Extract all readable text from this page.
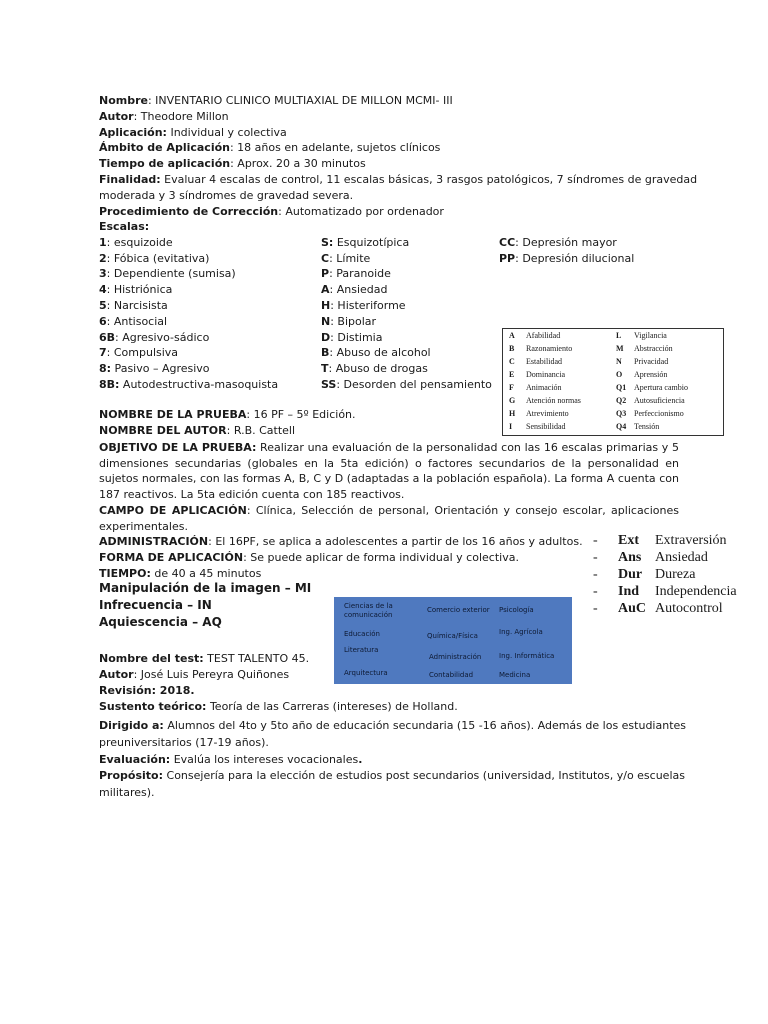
Nombre: INVENTARIO CLINICO MULTIAXIAL DE MILLON MCMI- III
Autor: Theodore Millon
Aplicación: Individual y colectiva
Ámbito de Aplicación: 18 años en adelante, sujetos clínicos
Tiempo de aplicación: Aprox. 20 a 30 minutos
Finalidad: Evaluar 4 escalas de control, 11 escalas básicas, 3 rasgos patológicos, 7 síndromes de gravedad
moderada y 3 síndromes de gravedad severa.
Procedimiento de Corrección: Automatizado por ordenador
Escalas:
1: esquizoide
2: Fóbica (evitativa)
3: Dependiente (sumisa)
4: Histriónica
5: Narcisista
6: Antisocial
6B: Agresivo-sádico
7: Compulsiva
8: Pasivo – Agresivo
8B: Autodestructiva-masoquista
S: Esquizotípica
C: Límite
P: Paranoide
A: Ansiedad
H: Histeriforme
N: Bipolar
D: Distimia
B: Abuso de alcohol
T: Abuso de drogas
SS: Desorden del pensamiento
CC: Depresión mayor
PP: Depresión dilucional
A Afabilidad	L Vigilancia
B Razonamiento	M Abstracción
C Estabilidad	N Privacidad
E Dominancia	O Aprensión
F Animación	Q1 Apertura cambio
G Atención normas	Q2 Autosuficiencia
H Atrevimiento	Q3 Perfeccionismo
I Sensibilidad	Q4 Tensión
NOMBRE DE LA PRUEBA: 16 PF – 5º Edición.
NOMBRE DEL AUTOR: R.B. Cattell
OBJETIVO DE LA PRUEBA: Realizar una evaluación de la personalidad con las 16 escalas primarias y 5 dimensiones secundarias (globales en la 5ta edición) o factores secundarios de la personalidad en sujetos normales, con las formas A, B, C y D (adaptadas a la población española). La forma A cuenta con 187 reactivos. La 5ta edición cuenta con 185 reactivos.
CAMPO DE APLICACIÓN: Clínica, Selección de personal, Orientación y consejo escolar, aplicaciones experimentales.
ADMINISTRACIÓN: El 16PF, se aplica a adolescentes a partir de los 16 años y adultos.
FORMA DE APLICACIÓN: Se puede aplicar de forma individual y colectiva.
TIEMPO: de 40 a 45 minutos
Manipulación de la imagen – MI
Infrecuencia – IN
Aquiescencia – AQ
- Ext Extraversión
- Ans Ansiedad
- Dur Dureza
- Ind Independencia
- AuC Autocontrol
Ciencias de la comunicación
Comercio exterior Psicología
Educación	Química/Física	Ing. Agrícola
Literatura
Administración	Ing. Informática
Arquitectura	Contabilidad	Medicina
Nombre del test: TEST TALENTO 45.
Autor: José Luis Pereyra Quiñones
Revisión: 2018.
Sustento teórico: Teoría de las Carreras (intereses) de Holland.
Dirigido a: Alumnos del 4to y 5to año de educación secundaria (15 -16 años). Además de los estudiantes
preuniversitarios (17-19 años).
Evaluación: Evalúa los intereses vocacionales.
Propósito: Consejería para la elección de estudios post secundarios (universidad, Institutos, y/o escuelas
militares).
